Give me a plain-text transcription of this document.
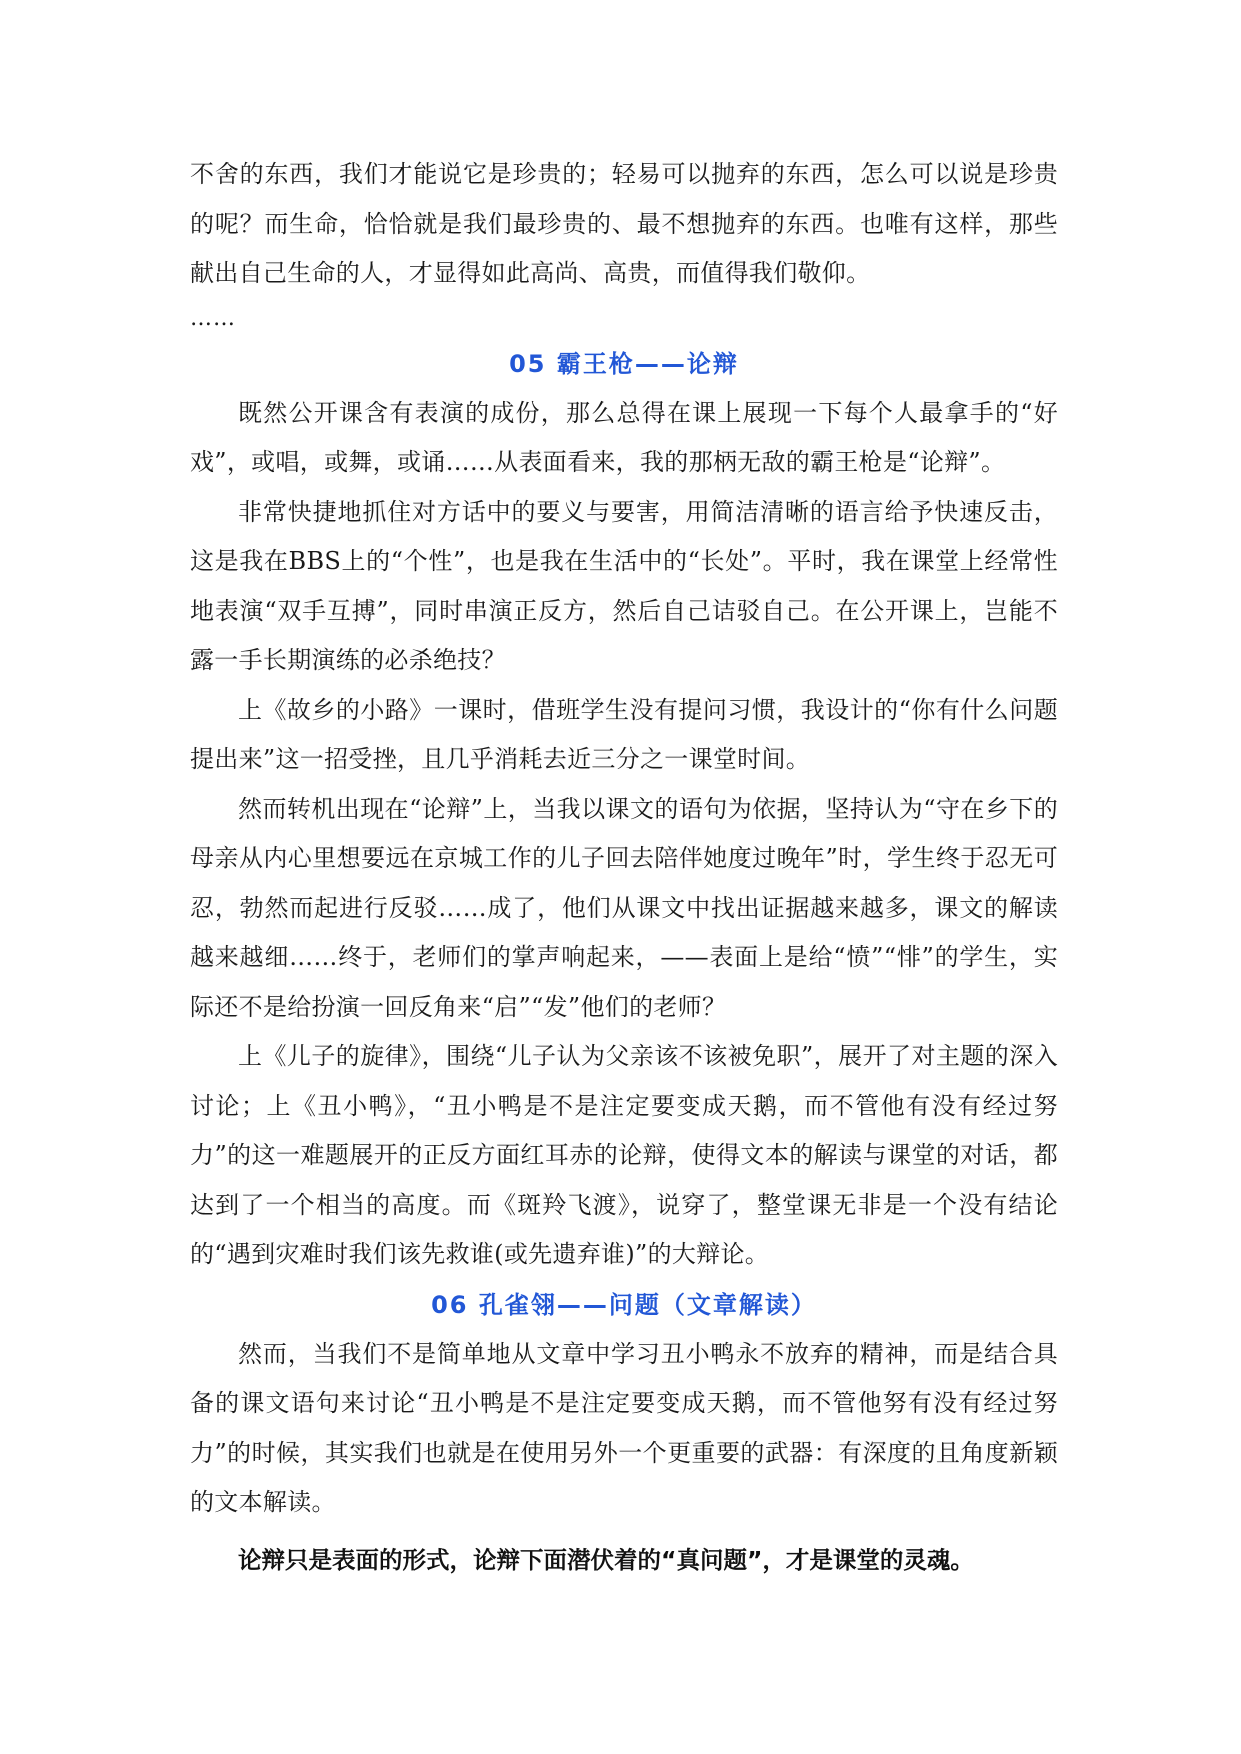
不舍的东西，我们才能说它是珍贵的；轻易可以抛弃的东西，怎么可以说是珍贵的呢？而生命，恰恰就是我们最珍贵的、最不想抛弃的东西。也唯有这样，那些献出自己生命的人，才显得如此高尚、高贵，而值得我们敬仰。

……

05 霸王枪——论辩

既然公开课含有表演的成份，那么总得在课上展现一下每个人最拿手的“好戏”，或唱，或舞，或诵……从表面看来，我的那柄无敌的霸王枪是“论辩”。

非常快捷地抓住对方话中的要义与要害，用简洁清晰的语言给予快速反击，这是我在BBS上的“个性”，也是我在生活中的“长处”。平时，我在课堂上经常性地表演“双手互搏”，同时串演正反方，然后自己诘驳自己。在公开课上，岂能不露一手长期演练的必杀绝技？

上《故乡的小路》一课时，借班学生没有提问习惯，我设计的“你有什么问题提出来”这一招受挫，且几乎消耗去近三分之一课堂时间。

然而转机出现在“论辩”上，当我以课文的语句为依据，坚持认为“守在乡下的母亲从内心里想要远在京城工作的儿子回去陪伴她度过晚年”时，学生终于忍无可忍，勃然而起进行反驳……成了，他们从课文中找出证据越来越多，课文的解读越来越细……终于，老师们的掌声响起来，——表面上是给“愤”“悱”的学生，实际还不是给扮演一回反角来“启”“发”他们的老师？

上《儿子的旋律》，围绕“儿子认为父亲该不该被免职”，展开了对主题的深入讨论；上《丑小鸭》，“丑小鸭是不是注定要变成天鹅，而不管他有没有经过努力”的这一难题展开的正反方面红耳赤的论辩，使得文本的解读与课堂的对话，都达到了一个相当的高度。而《斑羚飞渡》，说穿了，整堂课无非是一个没有结论的“遇到灾难时我们该先救谁(或先遗弃谁)”的大辩论。

06 孔雀翎——问题（文章解读）

然而，当我们不是简单地从文章中学习丑小鸭永不放弃的精神，而是结合具备的课文语句来讨论“丑小鸭是不是注定要变成天鹅，而不管他努有没有经过努力”的时候，其实我们也就是在使用另外一个更重要的武器：有深度的且角度新颖的文本解读。

论辩只是表面的形式，论辩下面潜伏着的“真问题”，才是课堂的灵魂。
